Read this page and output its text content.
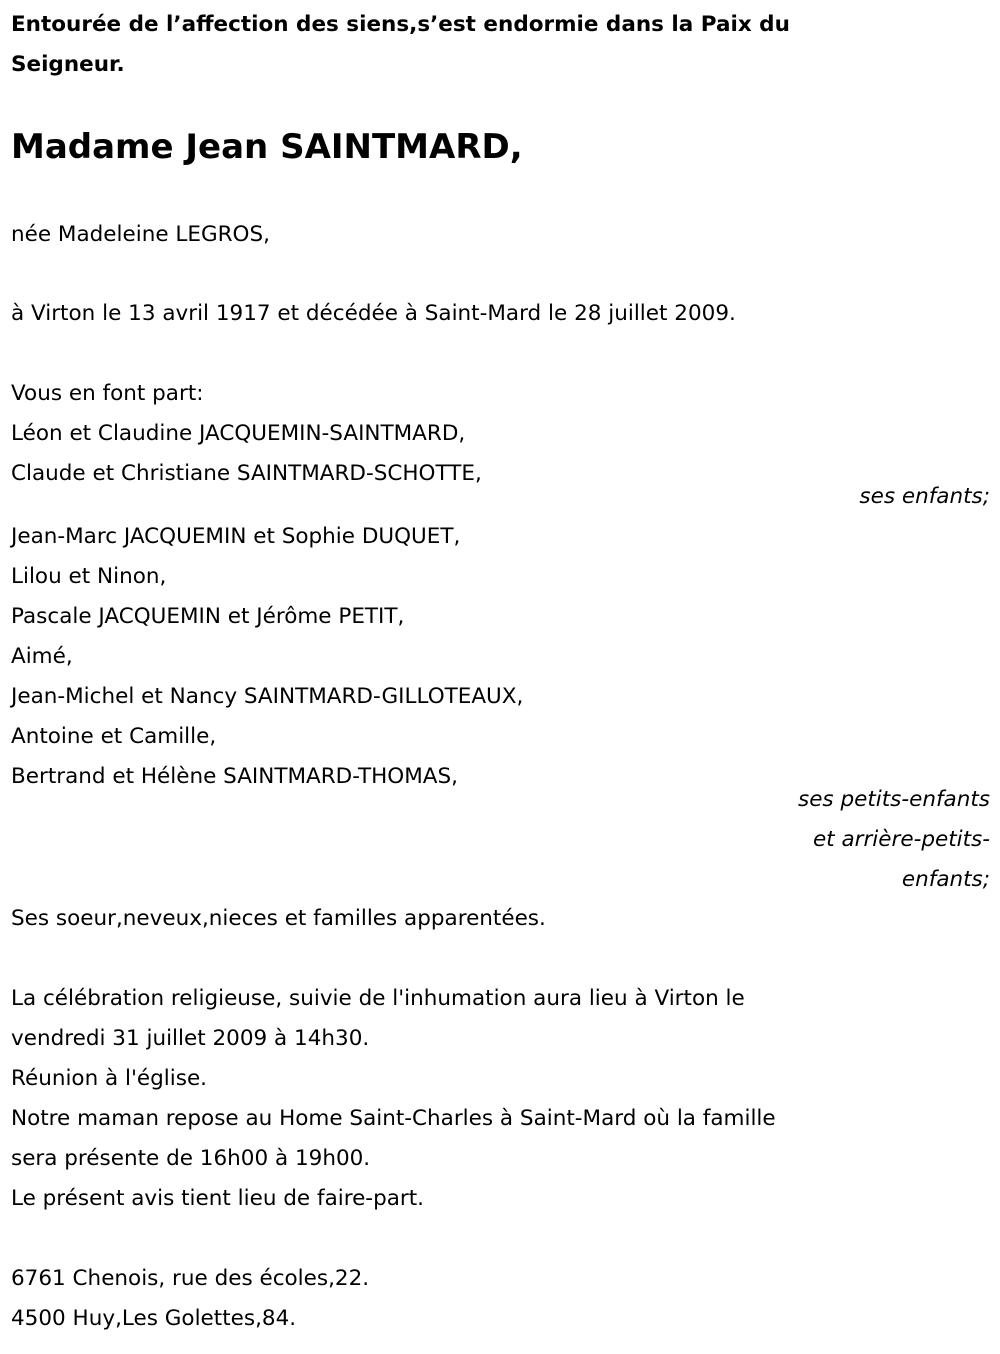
Entourée de l’affection des siens,s’est endormie dans la Paix du
Seigneur.
Madame Jean SAINTMARD,
née Madeleine LEGROS,
à Virton le 13 avril 1917 et décédée à Saint-Mard le 28 juillet 2009.
Vous en font part:
Léon et Claudine JACQUEMIN-SAINTMARD,
Claude et Christiane SAINTMARD-SCHOTTE,
ses enfants;
Jean-Marc JACQUEMIN et Sophie DUQUET,
Lilou et Ninon,
Pascale JACQUEMIN et Jérôme PETIT,
Aimé,
Jean-Michel et Nancy SAINTMARD-GILLOTEAUX,
Antoine et Camille,
Bertrand et Hélène SAINTMARD-THOMAS,
ses petits-enfants
et arrière-petits-
enfants;
Ses soeur,neveux,nieces et familles apparentées.
La célébration religieuse, suivie de l'inhumation aura lieu à Virton le
vendredi 31 juillet 2009 à 14h30.
Réunion à l'église.
Notre maman repose au Home Saint-Charles à Saint-Mard où la famille
sera présente de 16h00 à 19h00.
Le présent avis tient lieu de faire-part.
6761 Chenois, rue des écoles,22.
4500 Huy,Les Golettes,84.
